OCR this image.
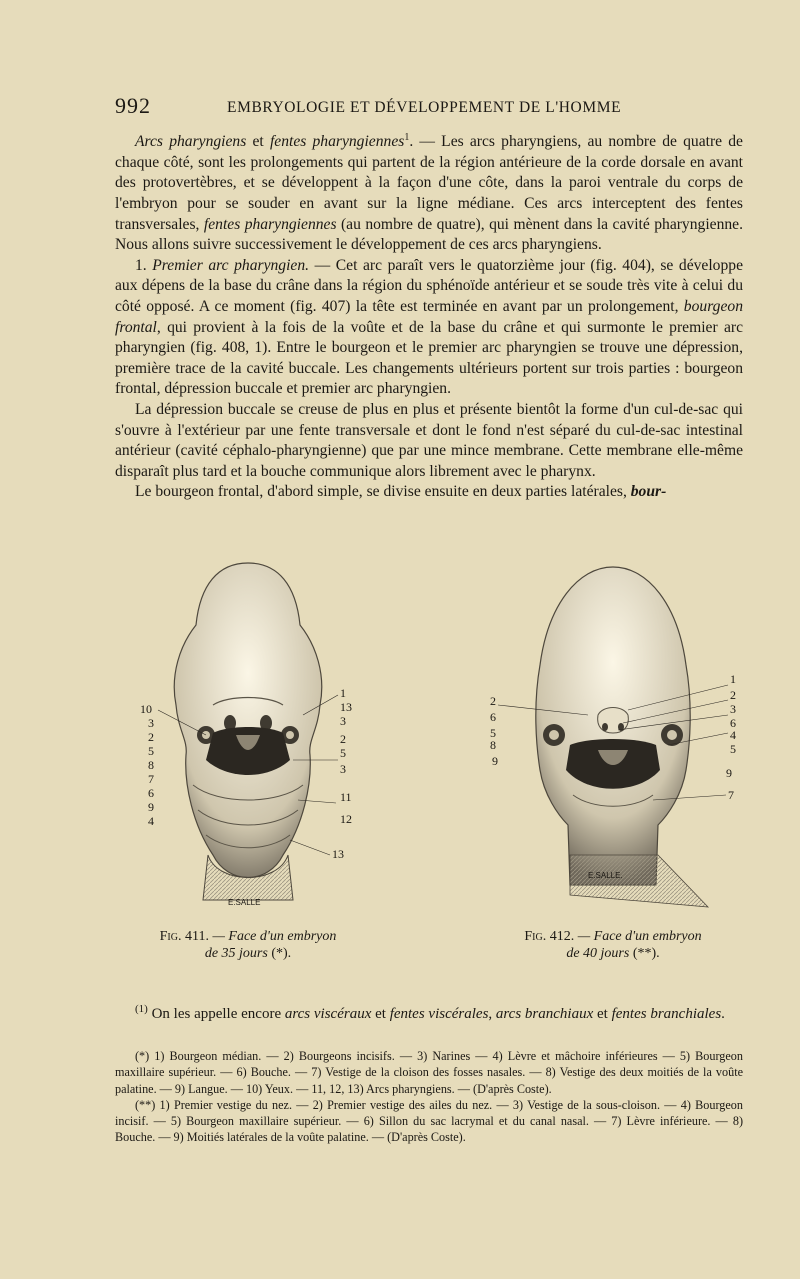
992	EMBRYOLOGIE ET DÉVELOPPEMENT DE L'HOMME

Arcs pharyngiens et fentes pharyngiennes$^1$. — Les arcs pharyngiens, au nombre de quatre de chaque côté, sont les prolongements qui partent de la région antérieure de la corde dorsale en avant des protovertèbres, et se développent à la façon d'une côte, dans la paroi ventrale du corps de l'embryon pour se souder en avant sur la ligne médiane. Ces arcs interceptent des fentes transversales, fentes pharyngiennes (au nombre de quatre), qui mènent dans la cavité pharyngienne. Nous allons suivre successivement le développement de ces arcs pharyngiens.

1. Premier arc pharyngien. — Cet arc paraît vers le quatorzième jour (fig. 404), se développe aux dépens de la base du crâne dans la région du sphénoïde antérieur et se soude très vite à celui du côté opposé. A ce moment (fig. 407) la tête est terminée en avant par un prolongement, bourgeon frontal, qui provient à la fois de la voûte et de la base du crâne et qui surmonte le premier arc pharyngien (fig. 408, 1). Entre le bourgeon et le premier arc pharyngien se trouve une dépression, première trace de la cavité buccale. Les changements ultérieurs portent sur trois parties : bourgeon frontal, dépression buccale et premier arc pharyngien.

La dépression buccale se creuse de plus en plus et présente bientôt la forme d'un cul-de-sac qui s'ouvre à l'extérieur par une fente transversale et dont le fond n'est séparé du cul-de-sac intestinal antérieur (cavité céphalo-pharyngienne) que par une mince membrane. Cette membrane elle-même disparaît plus tard et la bouche communique alors librement avec le pharynx.

Le bourgeon frontal, d'abord simple, se divise ensuite en deux parties latérales, bour-

10
3
2
5
8
7
6
9
4
1
13
3
2
5
3
11
12
13
E.SALLE
Fig. 411. — Face d'un embryon
de 35 jours (*).
2
6
5
8
9
1
2
3
6
4
5
9
7
E.SALLE.
Fig. 412. — Face d'un embryon
de 40 jours (**).
$^{(1)}$ On les appelle encore arcs viscéraux et fentes viscérales, arcs branchiaux et fentes branchiales.

(*) 1) Bourgeon médian. — 2) Bourgeons incisifs. — 3) Narines — 4) Lèvre et mâchoire inférieures — 5) Bourgeon maxillaire supérieur. — 6) Bouche. — 7) Vestige de la cloison des fosses nasales. — 8) Vestige des deux moitiés de la voûte palatine. — 9) Langue. — 10) Yeux. — 11, 12, 13) Arcs pharyngiens. — (D'après Coste).

(**) 1) Premier vestige du nez. — 2) Premier vestige des ailes du nez. — 3) Vestige de la sous-cloison. — 4) Bourgeon incisif. — 5) Bourgeon maxillaire supérieur. — 6) Sillon du sac lacrymal et du canal nasal. — 7) Lèvre inférieure. — 8) Bouche. — 9) Moitiés latérales de la voûte palatine. — (D'après Coste).
